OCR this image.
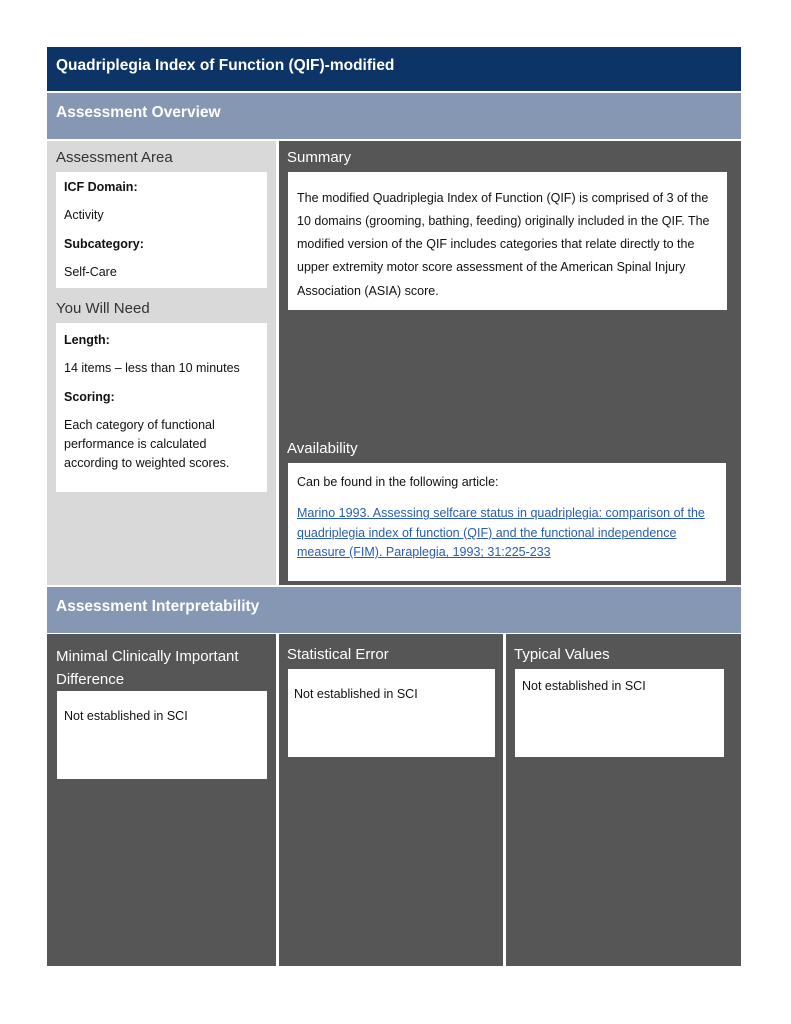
Quadriplegia Index of Function (QIF)-modified
Assessment Overview
Assessment Area

ICF Domain:

Activity

Subcategory:

Self-Care

You Will Need

Length:

14 items – less than 10 minutes

Scoring:

Each category of functional performance is calculated according to weighted scores.

Summary

The modified Quadriplegia Index of Function (QIF) is comprised of 3 of the 10 domains (grooming, bathing, feeding) originally included in the QIF. The modified version of the QIF includes categories that relate directly to the upper extremity motor score assessment of the American Spinal Injury Association (ASIA) score.

Availability

Can be found in the following article:

Marino 1993. Assessing selfcare status in quadriplegia: comparison of the quadriplegia index of function (QIF) and the functional independence measure (FIM). Paraplegia, 1993; 31:225-233

Assessment Interpretability
Minimal Clinically Important Difference

Not established in SCI

Statistical Error

Not established in SCI

Typical Values

Not established in SCI
